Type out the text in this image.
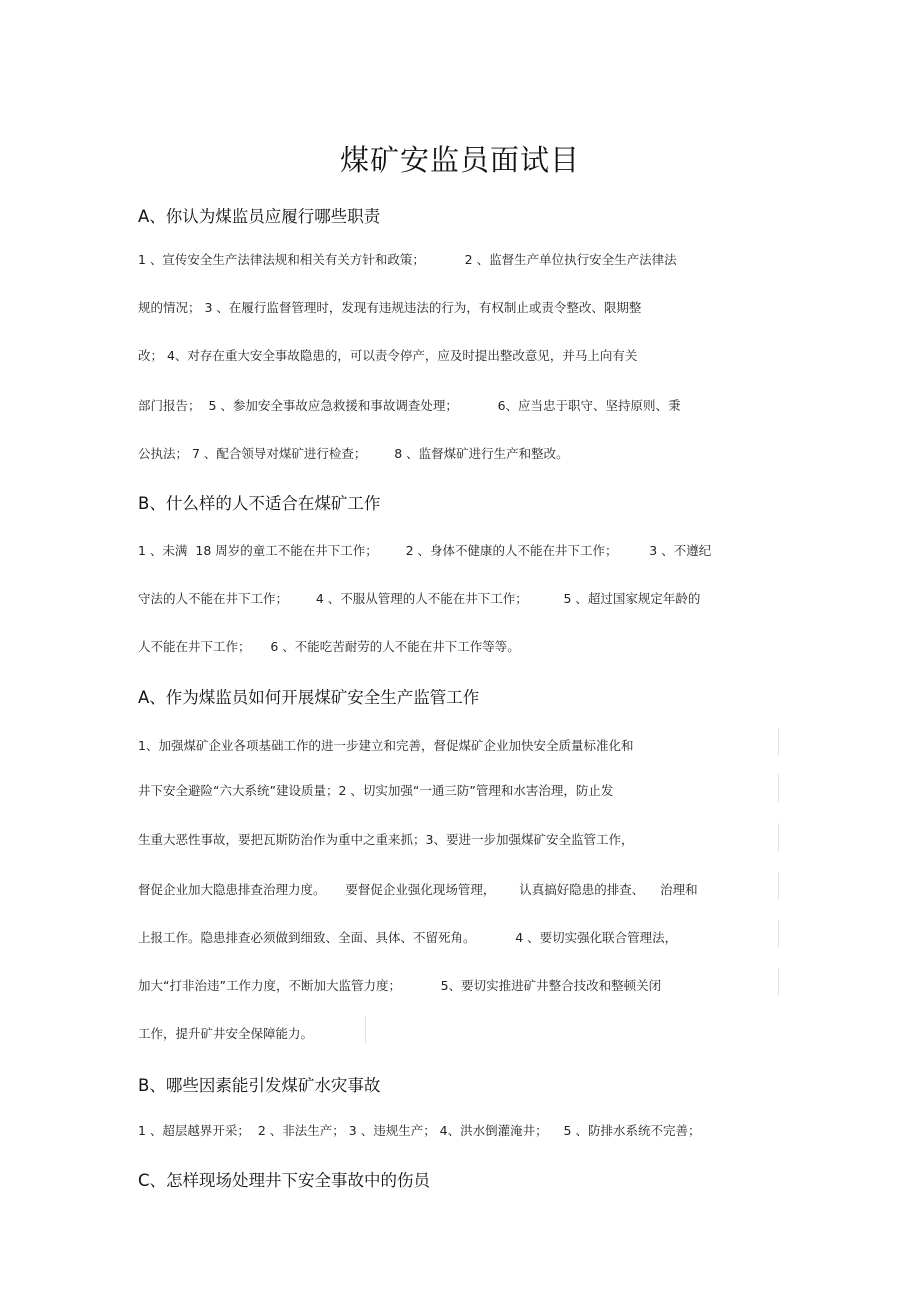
煤矿安监员面试目
A、你认为煤监员应履行哪些职责
1 、宣传安全生产法律法规和相关有关方针和政策；          2 、监督生产单位执行安全生产法律法
规的情况； 3 、在履行监督管理时，发现有违规违法的行为，有权制止或责令整改、限期整
改； 4、对存在重大安全事故隐患的，可以责令停产，应及时提出整改意见，并马上向有关
部门报告；  5 、参加安全事故应急救援和事故调查处理；          6、应当忠于职守、坚持原则、秉
公执法； 7 、配合领导对煤矿进行检查；       8 、监督煤矿进行生产和整改。
B、什么样的人不适合在煤矿工作
1 、未满  18 周岁的童工不能在井下工作；       2 、身体不健康的人不能在井下工作；        3 、不遵纪
守法的人不能在井下工作；       4 、不服从管理的人不能在井下工作；         5 、超过国家规定年龄的
人不能在井下工作；     6 、不能吃苦耐劳的人不能在井下工作等等。
A、作为煤监员如何开展煤矿安全生产监管工作
1、加强煤矿企业各项基础工作的进一步建立和完善，督促煤矿企业加快安全质量标准化和
井下安全避险“六大系统”建设质量；2 、切实加强“一通三防”管理和水害治理，防止发
生重大恶性事故，要把瓦斯防治作为重中之重来抓；3、要进一步加强煤矿安全监管工作，
督促企业加大隐患排查治理力度。     要督促企业强化现场管理，      认真搞好隐患的排查、    治理和
上报工作。隐患排查必须做到细致、全面、具体、不留死角。          4 、要切实强化联合管理法，
加大“打非治违”工作力度，不断加大监管力度；          5、要切实推进矿井整合技改和整顿关闭
工作，提升矿井安全保障能力。
B、哪些因素能引发煤矿水灾事故
1 、超层越界开采；  2 、非法生产； 3 、违规生产； 4、洪水倒灌淹井；    5 、防排水系统不完善；
C、怎样现场处理井下安全事故中的伤员
